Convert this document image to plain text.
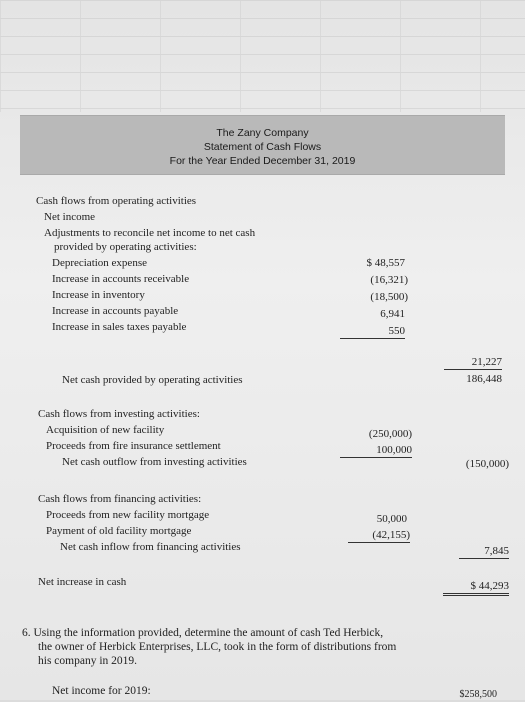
The Zany Company
Statement of Cash Flows
For the Year Ended December 31, 2019
Cash flows from operating activities
Net income
Adjustments to reconcile net income to net cash
provided by operating activities:
Depreciation expense	$ 48,557
Increase in accounts receivable	(16,321)
Increase in inventory	(18,500)
Increase in accounts payable	6,941
Increase in sales taxes payable	550
21,227
Net cash provided by operating activities	186,448
Cash flows from investing activities:
Acquisition of new facility	(250,000)
Proceeds from fire insurance settlement	100,000
Net cash outflow from investing activities	(150,000)
Cash flows from financing activities:
Proceeds from new facility mortgage	50,000
Payment of old facility mortgage	(42,155)
Net cash inflow from financing activities	7,845
Net increase in cash	$ 44,293
6. Using the information provided, determine the amount of cash Ted Herbick,
the owner of Herbick Enterprises, LLC, took in the form of distributions from
his company in 2019.
Net income for 2019:	$258,500
